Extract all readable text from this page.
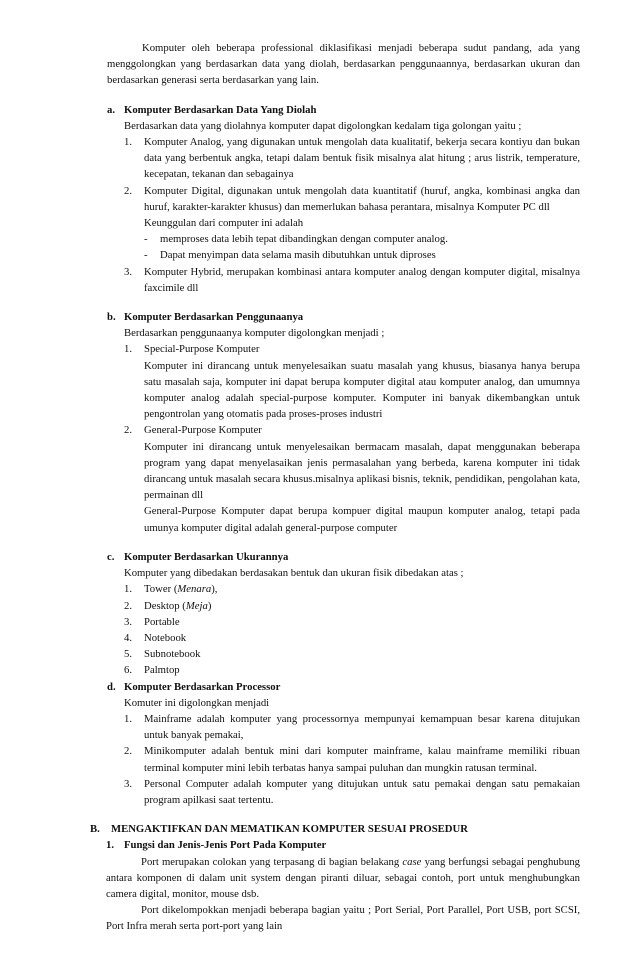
Komputer oleh beberapa professional diklasifikasi menjadi beberapa sudut pandang, ada yang menggolongkan yang berdasarkan data yang diolah, berdasarkan penggunaannya, berdasarkan ukuran dan berdasarkan generasi serta berdasarkan yang lain.

a. Komputer Berdasarkan Data Yang Diolah

Berdasarkan data yang diolahnya komputer dapat digolongkan kedalam tiga golongan yaitu ;

1. Komputer Analog, yang digunakan untuk mengolah data kualitatif, bekerja secara kontiyu dan bukan data yang berbentuk angka, tetapi dalam bentuk fisik misalnya alat hitung ; arus listrik, temperature, kecepatan, tekanan dan sebagainya
2. Komputer Digital, digunakan untuk mengolah data kuantitatif (huruf, angka, kombinasi angka dan huruf, karakter-karakter khusus) dan memerlukan bahasa perantara, misalnya Komputer PC dll

Keunggulan dari computer ini adalah

- memproses data lebih tepat dibandingkan dengan computer analog.
- Dapat menyimpan data selama masih dibutuhkan untuk diproses
3. Komputer Hybrid, merupakan kombinasi antara komputer analog dengan komputer digital, misalnya faxcimile dll
b. Komputer Berdasarkan Penggunaanya

Berdasarkan penggunaanya komputer digolongkan menjadi ;

1. Special-Purpose Komputer

Komputer ini dirancang untuk menyelesaikan suatu masalah yang khusus, biasanya hanya berupa satu masalah saja, komputer ini dapat berupa komputer digital atau komputer analog, dan umumnya komputer analog adalah special-purpose komputer. Komputer ini banyak dikembangkan untuk pengontrolan yang otomatis pada proses-proses industri

2. General-Purpose Komputer

Komputer ini dirancang untuk menyelesaikan bermacam masalah, dapat menggunakan beberapa program yang dapat menyelasaikan jenis permasalahan yang berbeda, karena komputer ini tidak dirancang untuk masalah secara khusus.misalnya aplikasi bisnis, teknik, pendidikan, pengolahan kata, permainan dll

General-Purpose Komputer dapat berupa kompuer digital maupun komputer analog, tetapi pada umunya komputer digital adalah general-purpose computer

c. Komputer Berdasarkan Ukurannya

Komputer yang dibedakan berdasakan bentuk dan ukuran fisik dibedakan atas ;

1. Tower (Menara),
2. Desktop (Meja)
3. Portable
4. Notebook
5. Subnotebook
6. Palmtop
d. Komputer Berdasarkan Processor

Komuter ini digolongkan menjadi

1. Mainframe adalah komputer yang processornya mempunyai kemampuan besar karena ditujukan untuk banyak pemakai,
2. Minikomputer adalah bentuk mini dari komputer mainframe, kalau mainframe memiliki ribuan terminal komputer mini lebih terbatas hanya sampai puluhan dan mungkin ratusan terminal.
3. Personal Computer adalah komputer yang ditujukan untuk satu pemakai dengan satu pemakaian program apilkasi saat tertentu.
B. MENGAKTIFKAN DAN MEMATIKAN KOMPUTER SESUAI PROSEDUR
1. Fungsi dan Jenis-Jenis Port Pada Komputer

Port merupakan colokan yang terpasang di bagian belakang case yang berfungsi sebagai penghubung antara komponen di dalam unit system dengan piranti diluar, sebagai contoh, port untuk menghubungkan camera digital, monitor, mouse dsb.

Port dikelompokkan menjadi beberapa bagian yaitu ; Port Serial, Port Parallel, Port USB, port SCSI, Port Infra merah serta port-port yang lain
